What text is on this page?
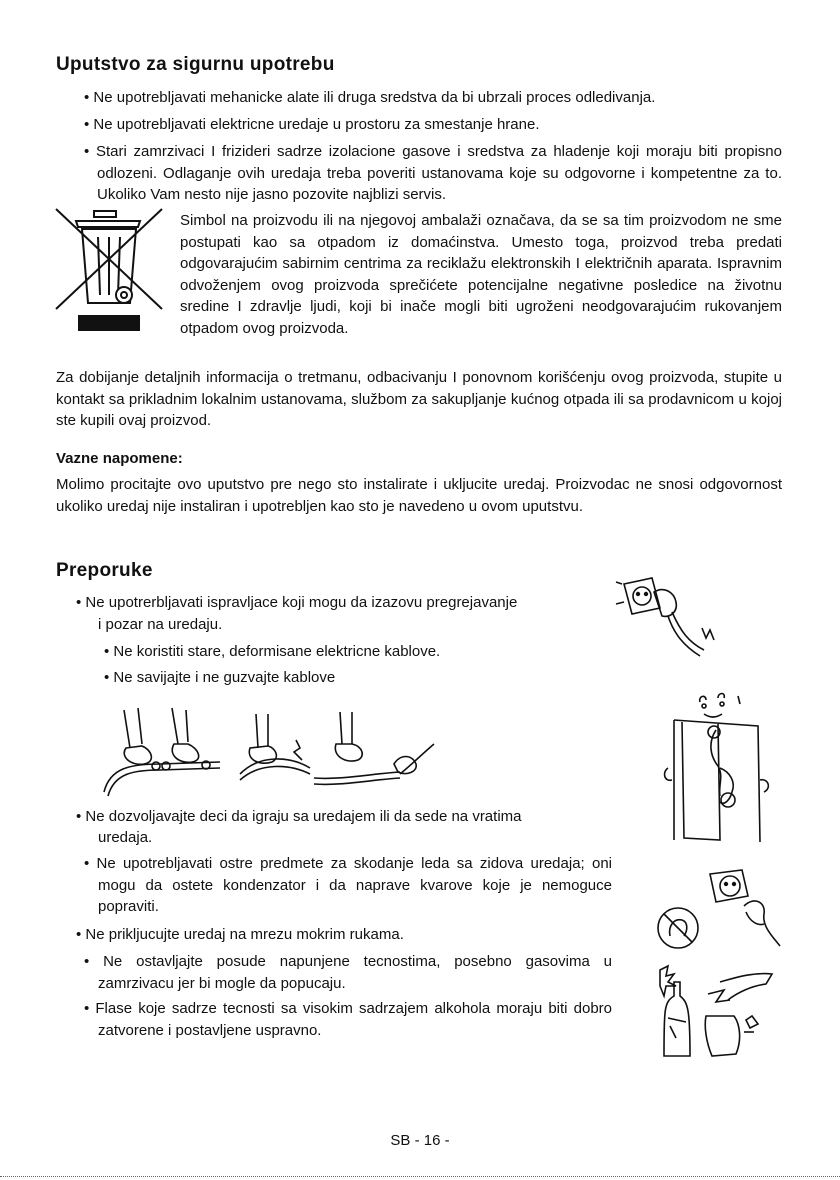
Uputstvo za sigurnu upotrebu
• Ne upotrebljavati mehanicke alate ili druga sredstva da bi ubrzali proces odledivanja.
• Ne upotrebljavati elektricne uredaje u prostoru za smestanje hrane.
• Stari zamrzivaci I frizideri sadrze izolacione gasove i sredstva za hladenje koji moraju biti propisno odlozeni. Odlaganje ovih uredaja treba poveriti ustanovama koje su odgovorne i kompetentne za to. Ukoliko Vam nesto nije jasno pozovite najblizi servis.
Simbol na proizvodu ili na njegovoj ambalaži označava, da se sa tim proizvodom ne sme postupati kao sa otpadom iz domaćinstva. Umesto toga, proizvod treba predati odgovarajućim sabirnim centrima za reciklažu elektronskih I električnih aparata. Ispravnim odvoženjem ovog proizvoda sprečićete potencijalne negativne posledice na životnu sredine I zdravlje ljudi, koji bi inače mogli biti ugroženi neodgovarajućim rukovanjem otpadom ovog proizvoda.
Za dobijanje detaljnih informacija o tretmanu, odbacivanju I ponovnom korišćenju ovog proizvoda, stupite u kontakt sa prikladnim lokalnim ustanovama, službom za sakupljanje kućnog otpada ili sa prodavnicom u kojoj ste kupili ovaj proizvod.
Vazne napomene:
Molimo procitajte ovo uputstvo pre nego sto instalirate i ukljucite uredaj. Proizvodac ne snosi odgovornost ukoliko uredaj nije instaliran i upotrebljen kao sto je navedeno u ovom uputstvu.
Preporuke
• Ne upotrerbljavati ispravljace koji mogu da izazovu pregrejavanje
i pozar na uredaju.
• Ne koristiti stare, deformisane elektricne kablove.
• Ne savijajte i ne guzvajte kablove
• Ne dozvoljavajte deci da igraju sa uredajem ili da sede na vratima
uredaja.
• Ne upotrebljavati ostre predmete za skodanje leda sa zidova uredaja; oni mogu da ostete kondenzator i da naprave kvarove koje je nemoguce popraviti.
• Ne prikljucujte uredaj na mrezu mokrim rukama.
• Ne ostavljajte posude napunjene tecnostima, posebno gasovima u zamrzivacu jer bi mogle da popucaju.
• Flase koje sadrze tecnosti sa visokim sadrzajem alkohola moraju biti dobro zatvorene i postavljene uspravno.
SB - 16 -
